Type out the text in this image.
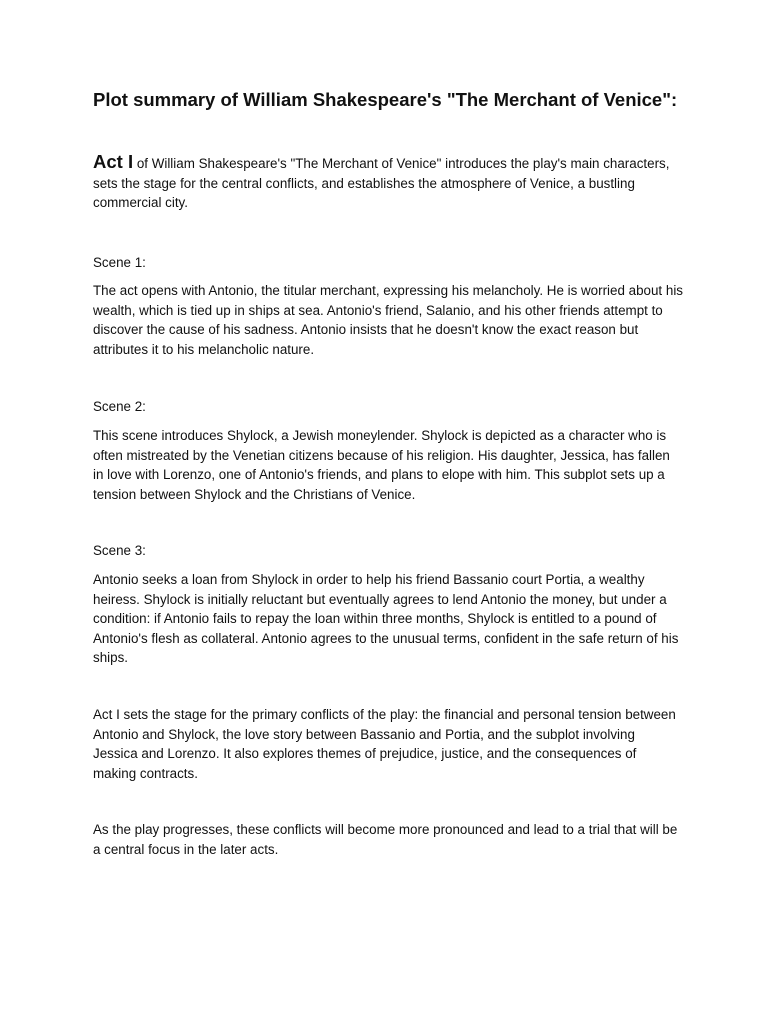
Plot summary of William Shakespeare's "The Merchant of Venice":

Act I of William Shakespeare's "The Merchant of Venice" introduces the play's main characters, sets the stage for the central conflicts, and establishes the atmosphere of Venice, a bustling commercial city.

Scene 1:

The act opens with Antonio, the titular merchant, expressing his melancholy. He is worried about his wealth, which is tied up in ships at sea. Antonio's friend, Salanio, and his other friends attempt to discover the cause of his sadness. Antonio insists that he doesn't know the exact reason but attributes it to his melancholic nature.

Scene 2:

This scene introduces Shylock, a Jewish moneylender. Shylock is depicted as a character who is often mistreated by the Venetian citizens because of his religion. His daughter, Jessica, has fallen in love with Lorenzo, one of Antonio's friends, and plans to elope with him. This subplot sets up a tension between Shylock and the Christians of Venice.

Scene 3:

Antonio seeks a loan from Shylock in order to help his friend Bassanio court Portia, a wealthy heiress. Shylock is initially reluctant but eventually agrees to lend Antonio the money, but under a condition: if Antonio fails to repay the loan within three months, Shylock is entitled to a pound of Antonio's flesh as collateral. Antonio agrees to the unusual terms, confident in the safe return of his ships.

Act I sets the stage for the primary conflicts of the play: the financial and personal tension between Antonio and Shylock, the love story between Bassanio and Portia, and the subplot involving Jessica and Lorenzo. It also explores themes of prejudice, justice, and the consequences of making contracts.

As the play progresses, these conflicts will become more pronounced and lead to a trial that will be a central focus in the later acts.
